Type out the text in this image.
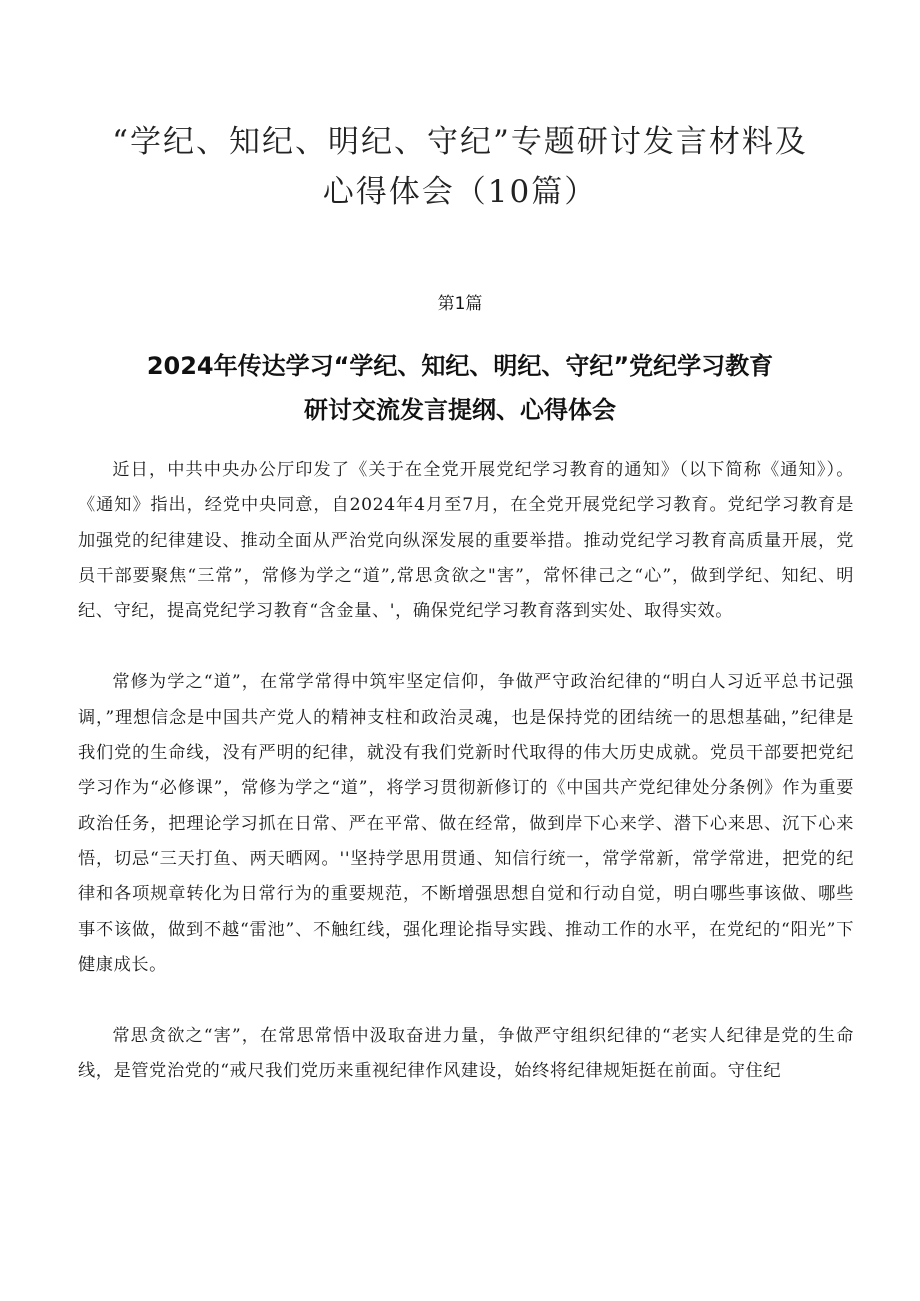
“学纪、知纪、明纪、守纪”专题研讨发言材料及
心得体会（10篇）
第1篇
2024年传达学习“学纪、知纪、明纪、守纪”党纪学习教育
研讨交流发言提纲、心得体会

近日，中共中央办公厅印发了《关于在全党开展党纪学习教育的通知》（以下简称《通知》）。《通知》指出，经党中央同意，自2024年4月至7月，在全党开展党纪学习教育。党纪学习教育是加强党的纪律建设、推动全面从严治党向纵深发展的重要举措。推动党纪学习教育高质量开展，党员干部要聚焦“三常”，常修为学之“道”,常思贪欲之"害”，常怀律己之“心”，做到学纪、知纪、明纪、守纪，提高党纪学习教育“含金量、'，确保党纪学习教育落到实处、取得实效。

常修为学之“道”，在常学常得中筑牢坚定信仰，争做严守政治纪律的“明白人习近平总书记强调，”理想信念是中国共产党人的精神支柱和政治灵魂，也是保持党的团结统一的思想基础，”纪律是我们党的生命线，没有严明的纪律，就没有我们党新时代取得的伟大历史成就。党员干部要把党纪学习作为“必修课”，常修为学之“道”，将学习贯彻新修订的《中国共产党纪律处分条例》作为重要政治任务，把理论学习抓在日常、严在平常、做在经常，做到岸下心来学、潜下心来思、沉下心来悟，切忌“三天打鱼、两天晒网。''坚持学思用贯通、知信行统一，常学常新，常学常进，把党的纪律和各项规章转化为日常行为的重要规范，不断增强思想自觉和行动自觉，明白哪些事该做、哪些事不该做，做到不越“雷池”、不触红线，强化理论指导实践、推动工作的水平，在党纪的“阳光”下健康成长。

常思贪欲之“害”，在常思常悟中汲取奋进力量，争做严守组织纪律的“老实人纪律是党的生命线，是管党治党的“戒尺我们党历来重视纪律作风建设，始终将纪律规矩挺在前面。守住纪
